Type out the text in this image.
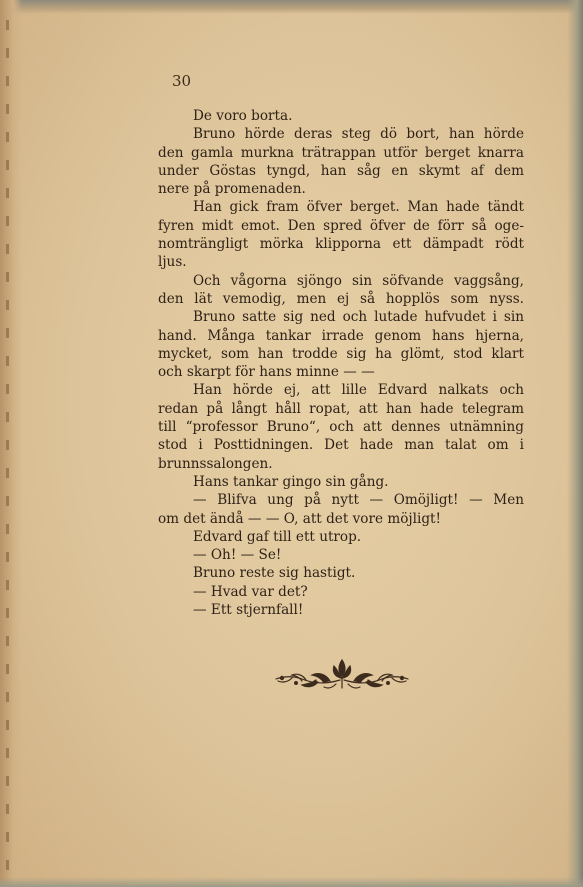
30
De voro borta.
Bruno hörde deras steg dö bort, han hörde
den gamla murkna trätrappan utför berget knarra
under Göstas tyngd, han såg en skymt af dem
nere på promenaden.
Han gick fram öfver berget. Man hade tändt
fyren midt emot. Den spred öfver de förr så oge-
nomträngligt mörka klipporna ett dämpadt rödt
ljus.
Och vågorna sjöngo sin söfvande vaggsång,
den lät vemodig, men ej så hopplös som nyss.
Bruno satte sig ned och lutade hufvudet i sin
hand. Många tankar irrade genom hans hjerna,
mycket, som han trodde sig ha glömt, stod klart
och skarpt för hans minne — —
Han hörde ej, att lille Edvard nalkats och
redan på långt håll ropat, att han hade telegram
till “professor Bruno“, och att dennes utnämning
stod i Posttidningen. Det hade man talat om i
brunnssalongen.
Hans tankar gingo sin gång.
— Blifva ung på nytt — Omöjligt! — Men
om det ändå — — O, att det vore möjligt!
Edvard gaf till ett utrop.
— Oh! — Se!
Bruno reste sig hastigt.
— Hvad var det?
— Ett stjernfall!
